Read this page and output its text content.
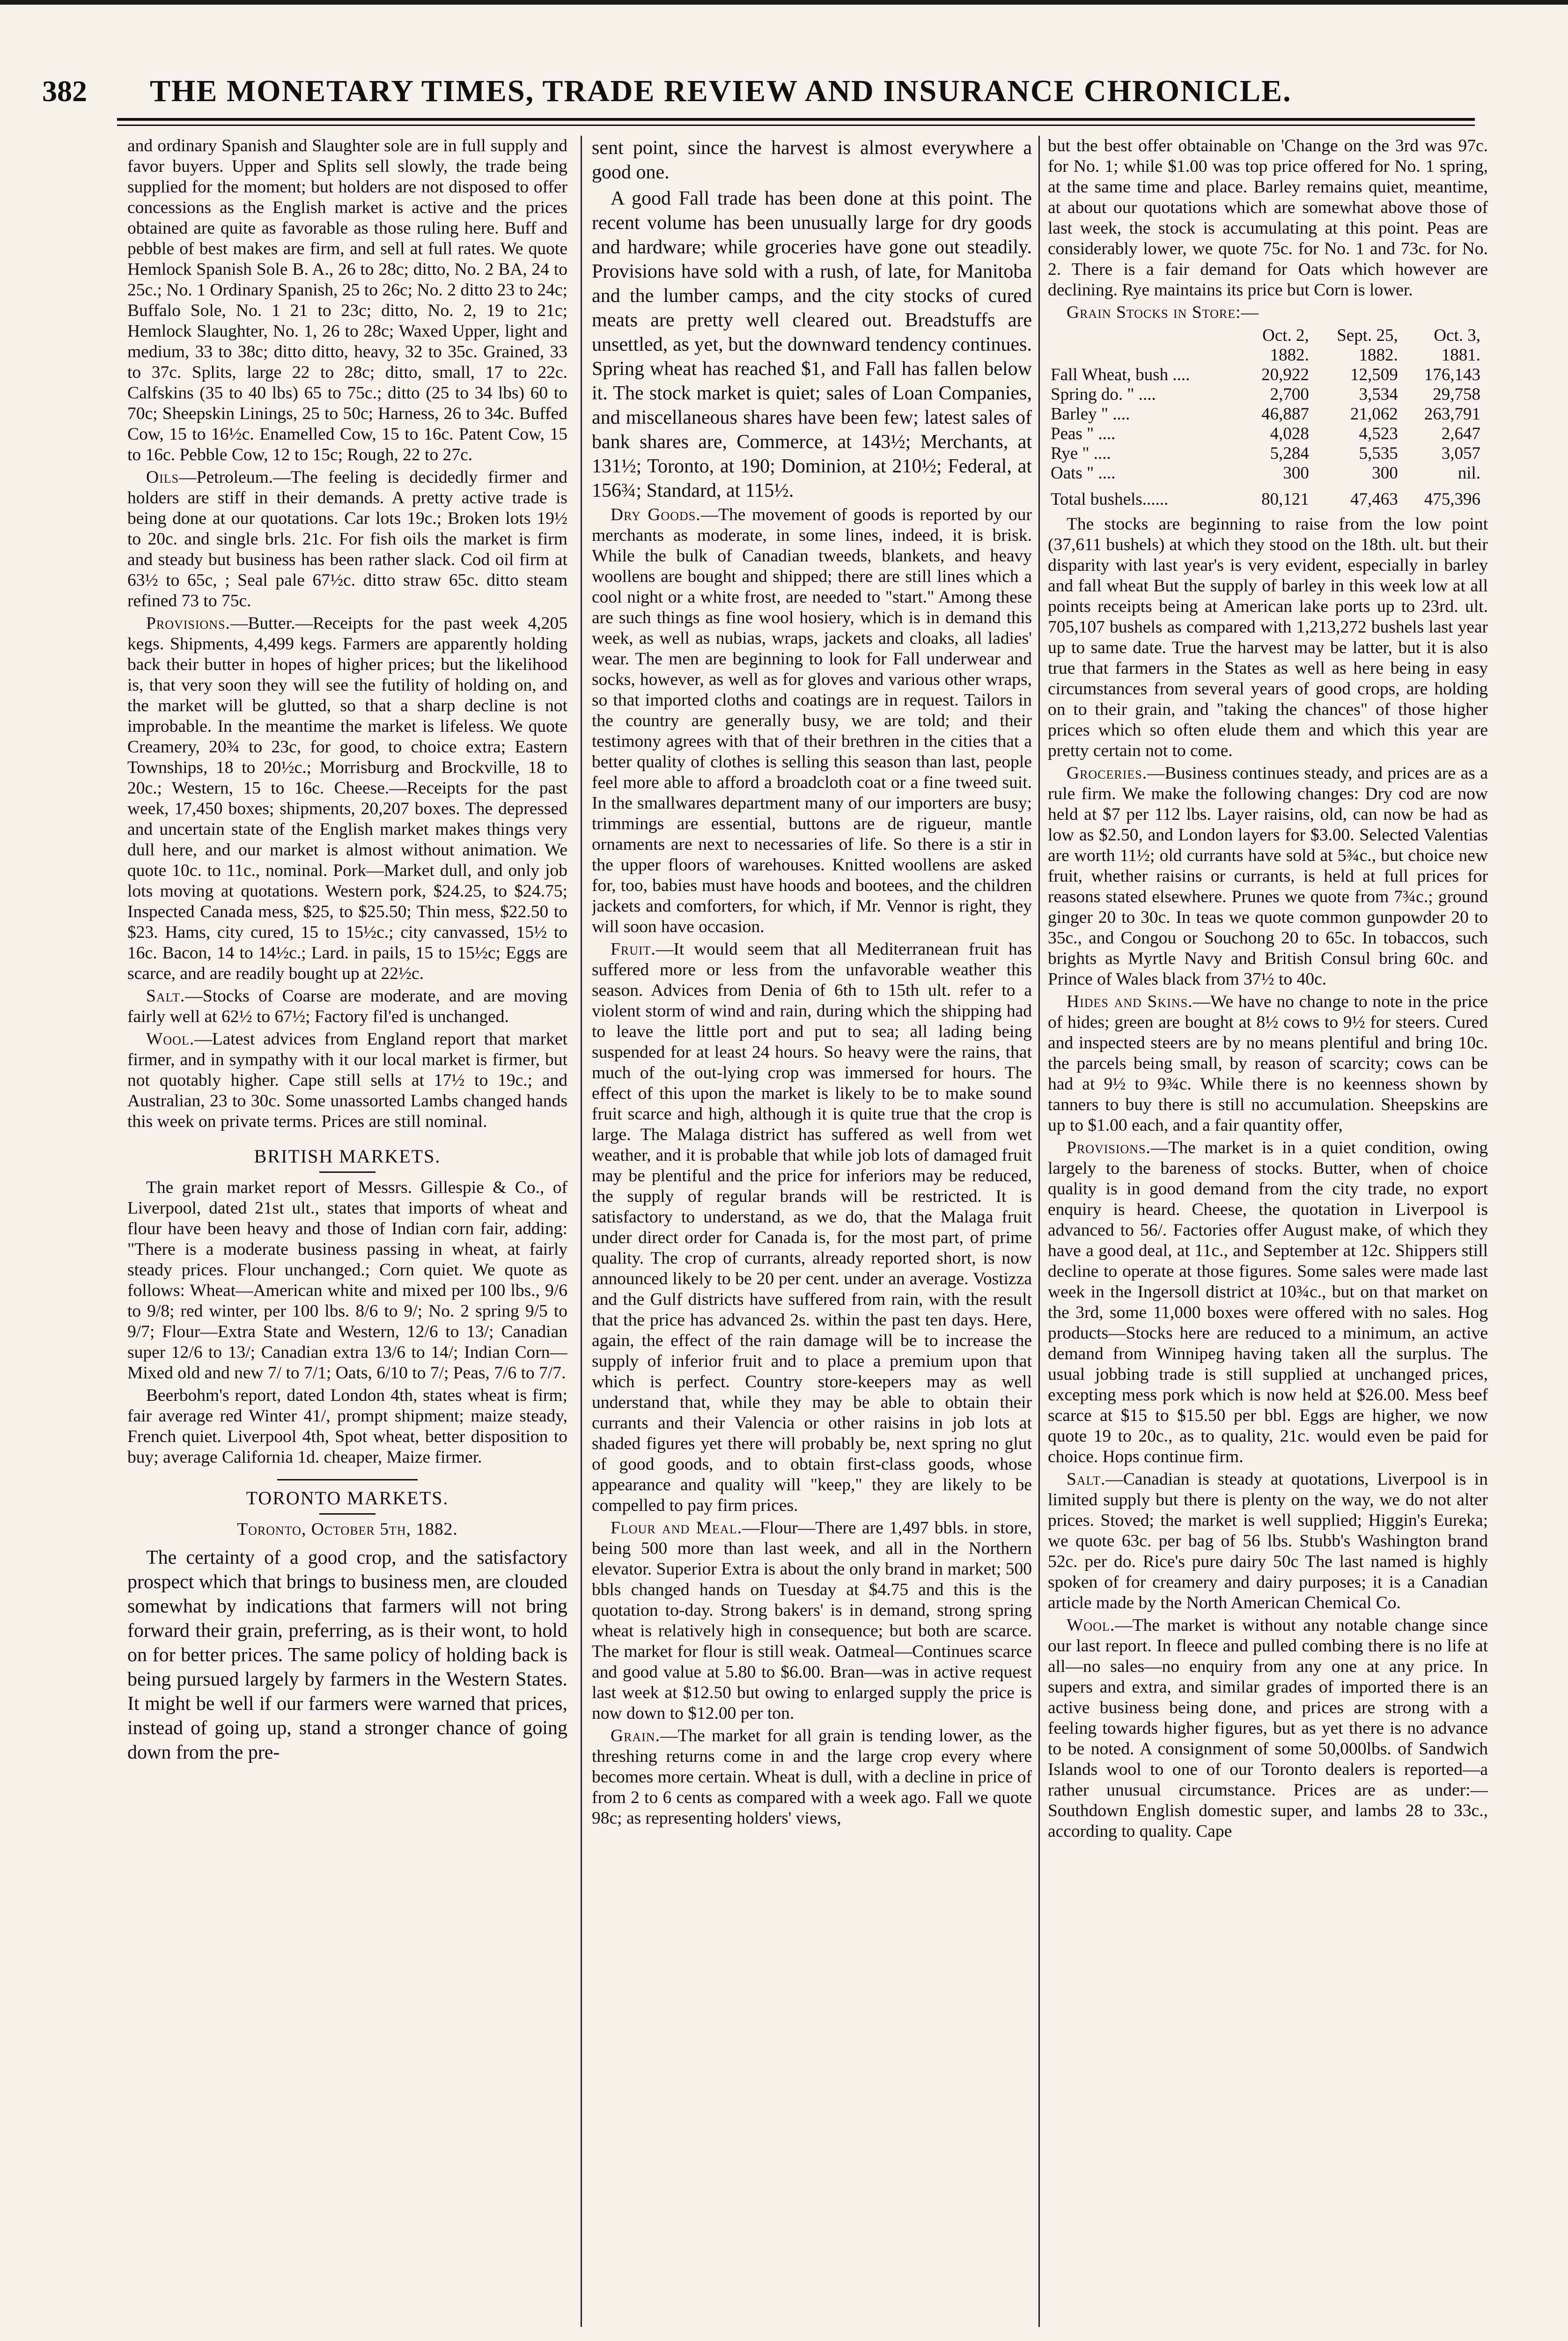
382	THE MONETARY TIMES, TRADE REVIEW AND INSURANCE CHRONICLE.

and ordinary Spanish and Slaughter sole are in full supply and favor buyers. Upper and Splits sell slowly, the trade being supplied for the moment; but holders are not disposed to offer concessions as the English market is active and the prices obtained are quite as favorable as those ruling here. Buff and pebble of best makes are firm, and sell at full rates. We quote Hemlock Spanish Sole B. A., 26 to 28c; ditto, No. 2 BA, 24 to 25c.; No. 1 Ordinary Spanish, 25 to 26c; No. 2 ditto 23 to 24c; Buffalo Sole, No. 1 21 to 23c; ditto, No. 2, 19 to 21c; Hemlock Slaughter, No. 1, 26 to 28c; Waxed Upper, light and medium, 33 to 38c; ditto ditto, heavy, 32 to 35c. Grained, 33 to 37c. Splits, large 22 to 28c; ditto, small, 17 to 22c. Calfskins (35 to 40 lbs) 65 to 75c.; ditto (25 to 34 lbs) 60 to 70c; Sheepskin Linings, 25 to 50c; Harness, 26 to 34c. Buffed Cow, 15 to 16½c. Enamelled Cow, 15 to 16c. Patent Cow, 15 to 16c. Pebble Cow, 12 to 15c; Rough, 22 to 27c.

Oils—Petroleum.—The feeling is decidedly firmer and holders are stiff in their demands. A pretty active trade is being done at our quotations. Car lots 19c.; Broken lots 19½ to 20c. and single brls. 21c. For fish oils the market is firm and steady but business has been rather slack. Cod oil firm at 63½ to 65c, ; Seal pale 67½c. ditto straw 65c. ditto steam refined 73 to 75c.

Provisions.—Butter.—Receipts for the past week 4,205 kegs. Shipments, 4,499 kegs. Farmers are apparently holding back their butter in hopes of higher prices; but the likelihood is, that very soon they will see the futility of holding on, and the market will be glutted, so that a sharp decline is not improbable. In the meantime the market is lifeless. We quote Creamery, 20¾ to 23c, for good, to choice extra; Eastern Townships, 18 to 20½c.; Morrisburg and Brockville, 18 to 20c.; Western, 15 to 16c. Cheese.—Receipts for the past week, 17,450 boxes; shipments, 20,207 boxes. The depressed and uncertain state of the English market makes things very dull here, and our market is almost without animation. We quote 10c. to 11c., nominal. Pork—Market dull, and only job lots moving at quotations. Western pork, $24.25, to $24.75; Inspected Canada mess, $25, to $25.50; Thin mess, $22.50 to $23. Hams, city cured, 15 to 15½c.; city canvassed, 15½ to 16c. Bacon, 14 to 14½c.; Lard. in pails, 15 to 15½c; Eggs are scarce, and are readily bought up at 22½c.

Salt.—Stocks of Coarse are moderate, and are moving fairly well at 62½ to 67½; Factory fil'ed is unchanged.

Wool.—Latest advices from England report that market firmer, and in sympathy with it our local market is firmer, but not quotably higher. Cape still sells at 17½ to 19c.; and Australian, 23 to 30c. Some unassorted Lambs changed hands this week on private terms. Prices are still nominal.

BRITISH MARKETS.

The grain market report of Messrs. Gillespie & Co., of Liverpool, dated 21st ult., states that imports of wheat and flour have been heavy and those of Indian corn fair, adding: "There is a moderate business passing in wheat, at fairly steady prices. Flour unchanged.; Corn quiet. We quote as follows: Wheat—American white and mixed per 100 lbs., 9/6 to 9/8; red winter, per 100 lbs. 8/6 to 9/; No. 2 spring 9/5 to 9/7; Flour—Extra State and Western, 12/6 to 13/; Canadian super 12/6 to 13/; Canadian extra 13/6 to 14/; Indian Corn—Mixed old and new 7/ to 7/1; Oats, 6/10 to 7/; Peas, 7/6 to 7/7.

Beerbohm's report, dated London 4th, states wheat is firm; fair average red Winter 41/, prompt shipment; maize steady, French quiet. Liverpool 4th, Spot wheat, better disposition to buy; average California 1d. cheaper, Maize firmer.

TORONTO MARKETS.
Toronto, October 5th, 1882.

The certainty of a good crop, and the satisfactory prospect which that brings to business men, are clouded somewhat by indications that farmers will not bring forward their grain, preferring, as is their wont, to hold on for better prices. The same policy of holding back is being pursued largely by farmers in the Western States. It might be well if our farmers were warned that prices, instead of going up, stand a stronger chance of going down from the pre-

sent point, since the harvest is almost everywhere a good one.

A good Fall trade has been done at this point. The recent volume has been unusually large for dry goods and hardware; while groceries have gone out steadily. Provisions have sold with a rush, of late, for Manitoba and the lumber camps, and the city stocks of cured meats are pretty well cleared out. Breadstuffs are unsettled, as yet, but the downward tendency continues. Spring wheat has reached $1, and Fall has fallen below it. The stock market is quiet; sales of Loan Companies, and miscellaneous shares have been few; latest sales of bank shares are, Commerce, at 143½; Merchants, at 131½; Toronto, at 190; Dominion, at 210½; Federal, at 156¾; Standard, at 115½.

Dry Goods.—The movement of goods is reported by our merchants as moderate, in some lines, indeed, it is brisk. While the bulk of Canadian tweeds, blankets, and heavy woollens are bought and shipped; there are still lines which a cool night or a white frost, are needed to "start." Among these are such things as fine wool hosiery, which is in demand this week, as well as nubias, wraps, jackets and cloaks, all ladies' wear. The men are beginning to look for Fall underwear and socks, however, as well as for gloves and various other wraps, so that imported cloths and coatings are in request. Tailors in the country are generally busy, we are told; and their testimony agrees with that of their brethren in the cities that a better quality of clothes is selling this season than last, people feel more able to afford a broadcloth coat or a fine tweed suit. In the smallwares department many of our importers are busy; trimmings are essential, buttons are de rigueur, mantle ornaments are next to necessaries of life. So there is a stir in the upper floors of warehouses. Knitted woollens are asked for, too, babies must have hoods and bootees, and the children jackets and comforters, for which, if Mr. Vennor is right, they will soon have occasion.

Fruit.—It would seem that all Mediterranean fruit has suffered more or less from the unfavorable weather this season. Advices from Denia of 6th to 15th ult. refer to a violent storm of wind and rain, during which the shipping had to leave the little port and put to sea; all lading being suspended for at least 24 hours. So heavy were the rains, that much of the out-lying crop was immersed for hours. The effect of this upon the market is likely to be to make sound fruit scarce and high, although it is quite true that the crop is large. The Malaga district has suffered as well from wet weather, and it is probable that while job lots of damaged fruit may be plentiful and the price for inferiors may be reduced, the supply of regular brands will be restricted. It is satisfactory to understand, as we do, that the Malaga fruit under direct order for Canada is, for the most part, of prime quality. The crop of currants, already reported short, is now announced likely to be 20 per cent. under an average. Vostizza and the Gulf districts have suffered from rain, with the result that the price has advanced 2s. within the past ten days. Here, again, the effect of the rain damage will be to increase the supply of inferior fruit and to place a premium upon that which is perfect. Country store-keepers may as well understand that, while they may be able to obtain their currants and their Valencia or other raisins in job lots at shaded figures yet there will probably be, next spring no glut of good goods, and to obtain first-class goods, whose appearance and quality will "keep," they are likely to be compelled to pay firm prices.

Flour and Meal.—Flour—There are 1,497 bbls. in store, being 500 more than last week, and all in the Northern elevator. Superior Extra is about the only brand in market; 500 bbls changed hands on Tuesday at $4.75 and this is the quotation to-day. Strong bakers' is in demand, strong spring wheat is relatively high in consequence; but both are scarce. The market for flour is still weak. Oatmeal—Continues scarce and good value at 5.80 to $6.00. Bran—was in active request last week at $12.50 but owing to enlarged supply the price is now down to $12.00 per ton.

Grain.—The market for all grain is tending lower, as the threshing returns come in and the large crop every where becomes more certain. Wheat is dull, with a decline in price of from 2 to 6 cents as compared with a week ago. Fall we quote 98c; as representing holders' views,

but the best offer obtainable on 'Change on the 3rd was 97c. for No. 1; while $1.00 was top price offered for No. 1 spring, at the same time and place. Barley remains quiet, meantime, at about our quotations which are somewhat above those of last week, the stock is accumulating at this point. Peas are considerably lower, we quote 75c. for No. 1 and 73c. for No. 2. There is a fair demand for Oats which however are declining. Rye maintains its price but Corn is lower.

Grain Stocks in Store:—

	Oct. 2,	Sept. 25,	Oct. 3,
	1882.	1882.	1881.
Fall Wheat, bush ....	20,922	12,509	176,143
Spring do. " ....	2,700	3,534	29,758
Barley " ....	46,887	21,062	263,791
Peas " ....	4,028	4,523	2,647
Rye " ....	5,284	5,535	3,057
Oats " ....	300	300	nil.
Total bushels......	80,121	47,463	475,396

The stocks are beginning to raise from the low point (37,611 bushels) at which they stood on the 18th. ult. but their disparity with last year's is very evident, especially in barley and fall wheat But the supply of barley in this week low at all points receipts being at American lake ports up to 23rd. ult. 705,107 bushels as compared with 1,213,272 bushels last year up to same date. True the harvest may be latter, but it is also true that farmers in the States as well as here being in easy circumstances from several years of good crops, are holding on to their grain, and "taking the chances" of those higher prices which so often elude them and which this year are pretty certain not to come.

Groceries.—Business continues steady, and prices are as a rule firm. We make the following changes: Dry cod are now held at $7 per 112 lbs. Layer raisins, old, can now be had as low as $2.50, and London layers for $3.00. Selected Valentias are worth 11½; old currants have sold at 5¾c., but choice new fruit, whether raisins or currants, is held at full prices for reasons stated elsewhere. Prunes we quote from 7¾c.; ground ginger 20 to 30c. In teas we quote common gunpowder 20 to 35c., and Congou or Souchong 20 to 65c. In tobaccos, such brights as Myrtle Navy and British Consul bring 60c. and Prince of Wales black from 37½ to 40c.

Hides and Skins.—We have no change to note in the price of hides; green are bought at 8½ cows to 9½ for steers. Cured and inspected steers are by no means plentiful and bring 10c. the parcels being small, by reason of scarcity; cows can be had at 9½ to 9¾c. While there is no keenness shown by tanners to buy there is still no accumulation. Sheepskins are up to $1.00 each, and a fair quantity offer,

Provisions.—The market is in a quiet condition, owing largely to the bareness of stocks. Butter, when of choice quality is in good demand from the city trade, no export enquiry is heard. Cheese, the quotation in Liverpool is advanced to 56/. Factories offer August make, of which they have a good deal, at 11c., and September at 12c. Shippers still decline to operate at those figures. Some sales were made last week in the Ingersoll district at 10¾c., but on that market on the 3rd, some 11,000 boxes were offered with no sales. Hog products—Stocks here are reduced to a minimum, an active demand from Winnipeg having taken all the surplus. The usual jobbing trade is still supplied at unchanged prices, excepting mess pork which is now held at $26.00. Mess beef scarce at $15 to $15.50 per bbl. Eggs are higher, we now quote 19 to 20c., as to quality, 21c. would even be paid for choice. Hops continue firm.

Salt.—Canadian is steady at quotations, Liverpool is in limited supply but there is plenty on the way, we do not alter prices. Stoved; the market is well supplied; Higgin's Eureka; we quote 63c. per bag of 56 lbs. Stubb's Washington brand 52c. per do. Rice's pure dairy 50c The last named is highly spoken of for creamery and dairy purposes; it is a Canadian article made by the North American Chemical Co.

Wool.—The market is without any notable change since our last report. In fleece and pulled combing there is no life at all—no sales—no enquiry from any one at any price. In supers and extra, and similar grades of imported there is an active business being done, and prices are strong with a feeling towards higher figures, but as yet there is no advance to be noted. A consignment of some 50,000lbs. of Sandwich Islands wool to one of our Toronto dealers is reported—a rather unusual circumstance. Prices are as under:—Southdown English domestic super, and lambs 28 to 33c., according to quality. Cape
